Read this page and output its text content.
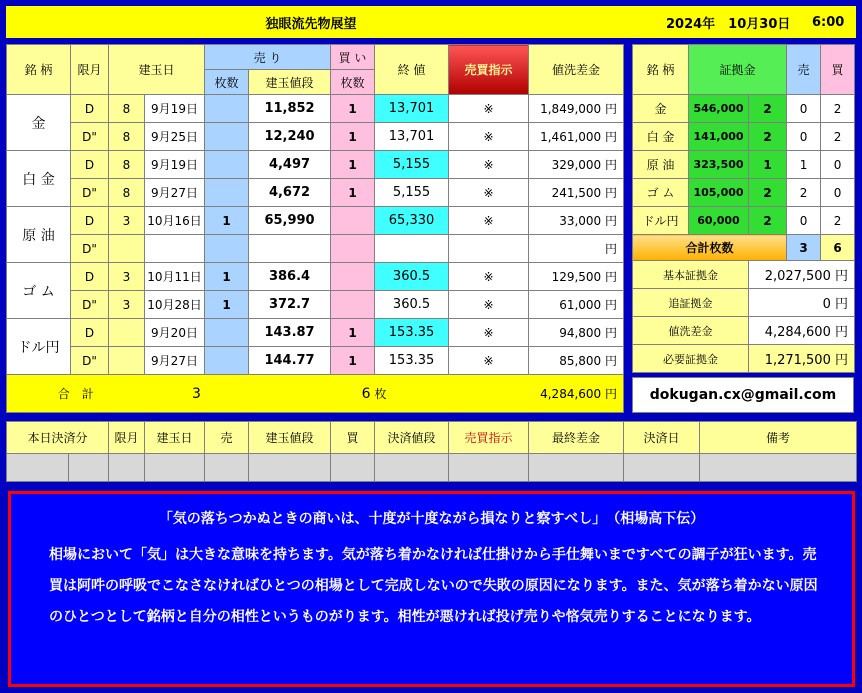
独眼流先物展望	2024年　10月30日 6:00
銘 柄	限月	建玉日		売 り		買 い	終 値	売買指示	値洗差金
				枚数	建玉値段	枚数			
金	D	8	9月19日		11,852	1	13,701	※	1,849,000 円
	D"	8	9月25日		12,240	1	13,701	※	1,461,000 円
白 金	D	8	9月19日		4,497	1	5,155	※	329,000 円
	D"	8	9月27日		4,672	1	5,155	※	241,500 円
原 油	D	3	10月16日	1	65,990		65,330	※	33,000 円
	D"								円
ゴ ム	D	3	10月11日	1	386.4		360.5	※	129,500 円
	D"	3	10月28日	1	372.7		360.5	※	61,000 円
ドル円	D		9月20日		143.87	1	153.35	※	94,800 円
	D"		9月27日		144.77	1	153.35	※	85,800 円
合　計			3		6		枚	4,284,600 円	
銘 柄	証拠金		売	買
金	546,000	2	0	2
白 金	141,000	2	0	2
原 油	323,500	1	1	0
ゴ ム	105,000	2	2	0
ドル円	60,000	2	0	2
合計枚数			3	6
基本証拠金		2,027,500 円		
追証拠金		0 円		
値洗差金		4,284,600 円		
必要証拠金		1,271,500 円		
dokugan.cx@gmail.com
本日決済分		限月	建玉日	売	建玉値段	買	決済値段	売買指示	最終差金	決済日	備考

「気の落ちつかぬときの商いは、十度が十度ながら損なりと察すべし」　（相場高下伝）
相場において「気」は大きな意味を持ちます。気が落ち着かなければ仕掛けから手仕舞いまですべての調子が狂います。売買は阿吽の呼吸でこなさなければひとつの相場として完成しないので失敗の原因になります。また、気が落ち着かない原因のひとつとして銘柄と自分の相性というものがります。相性が悪ければ投げ売りや悋気売りすることになります。
